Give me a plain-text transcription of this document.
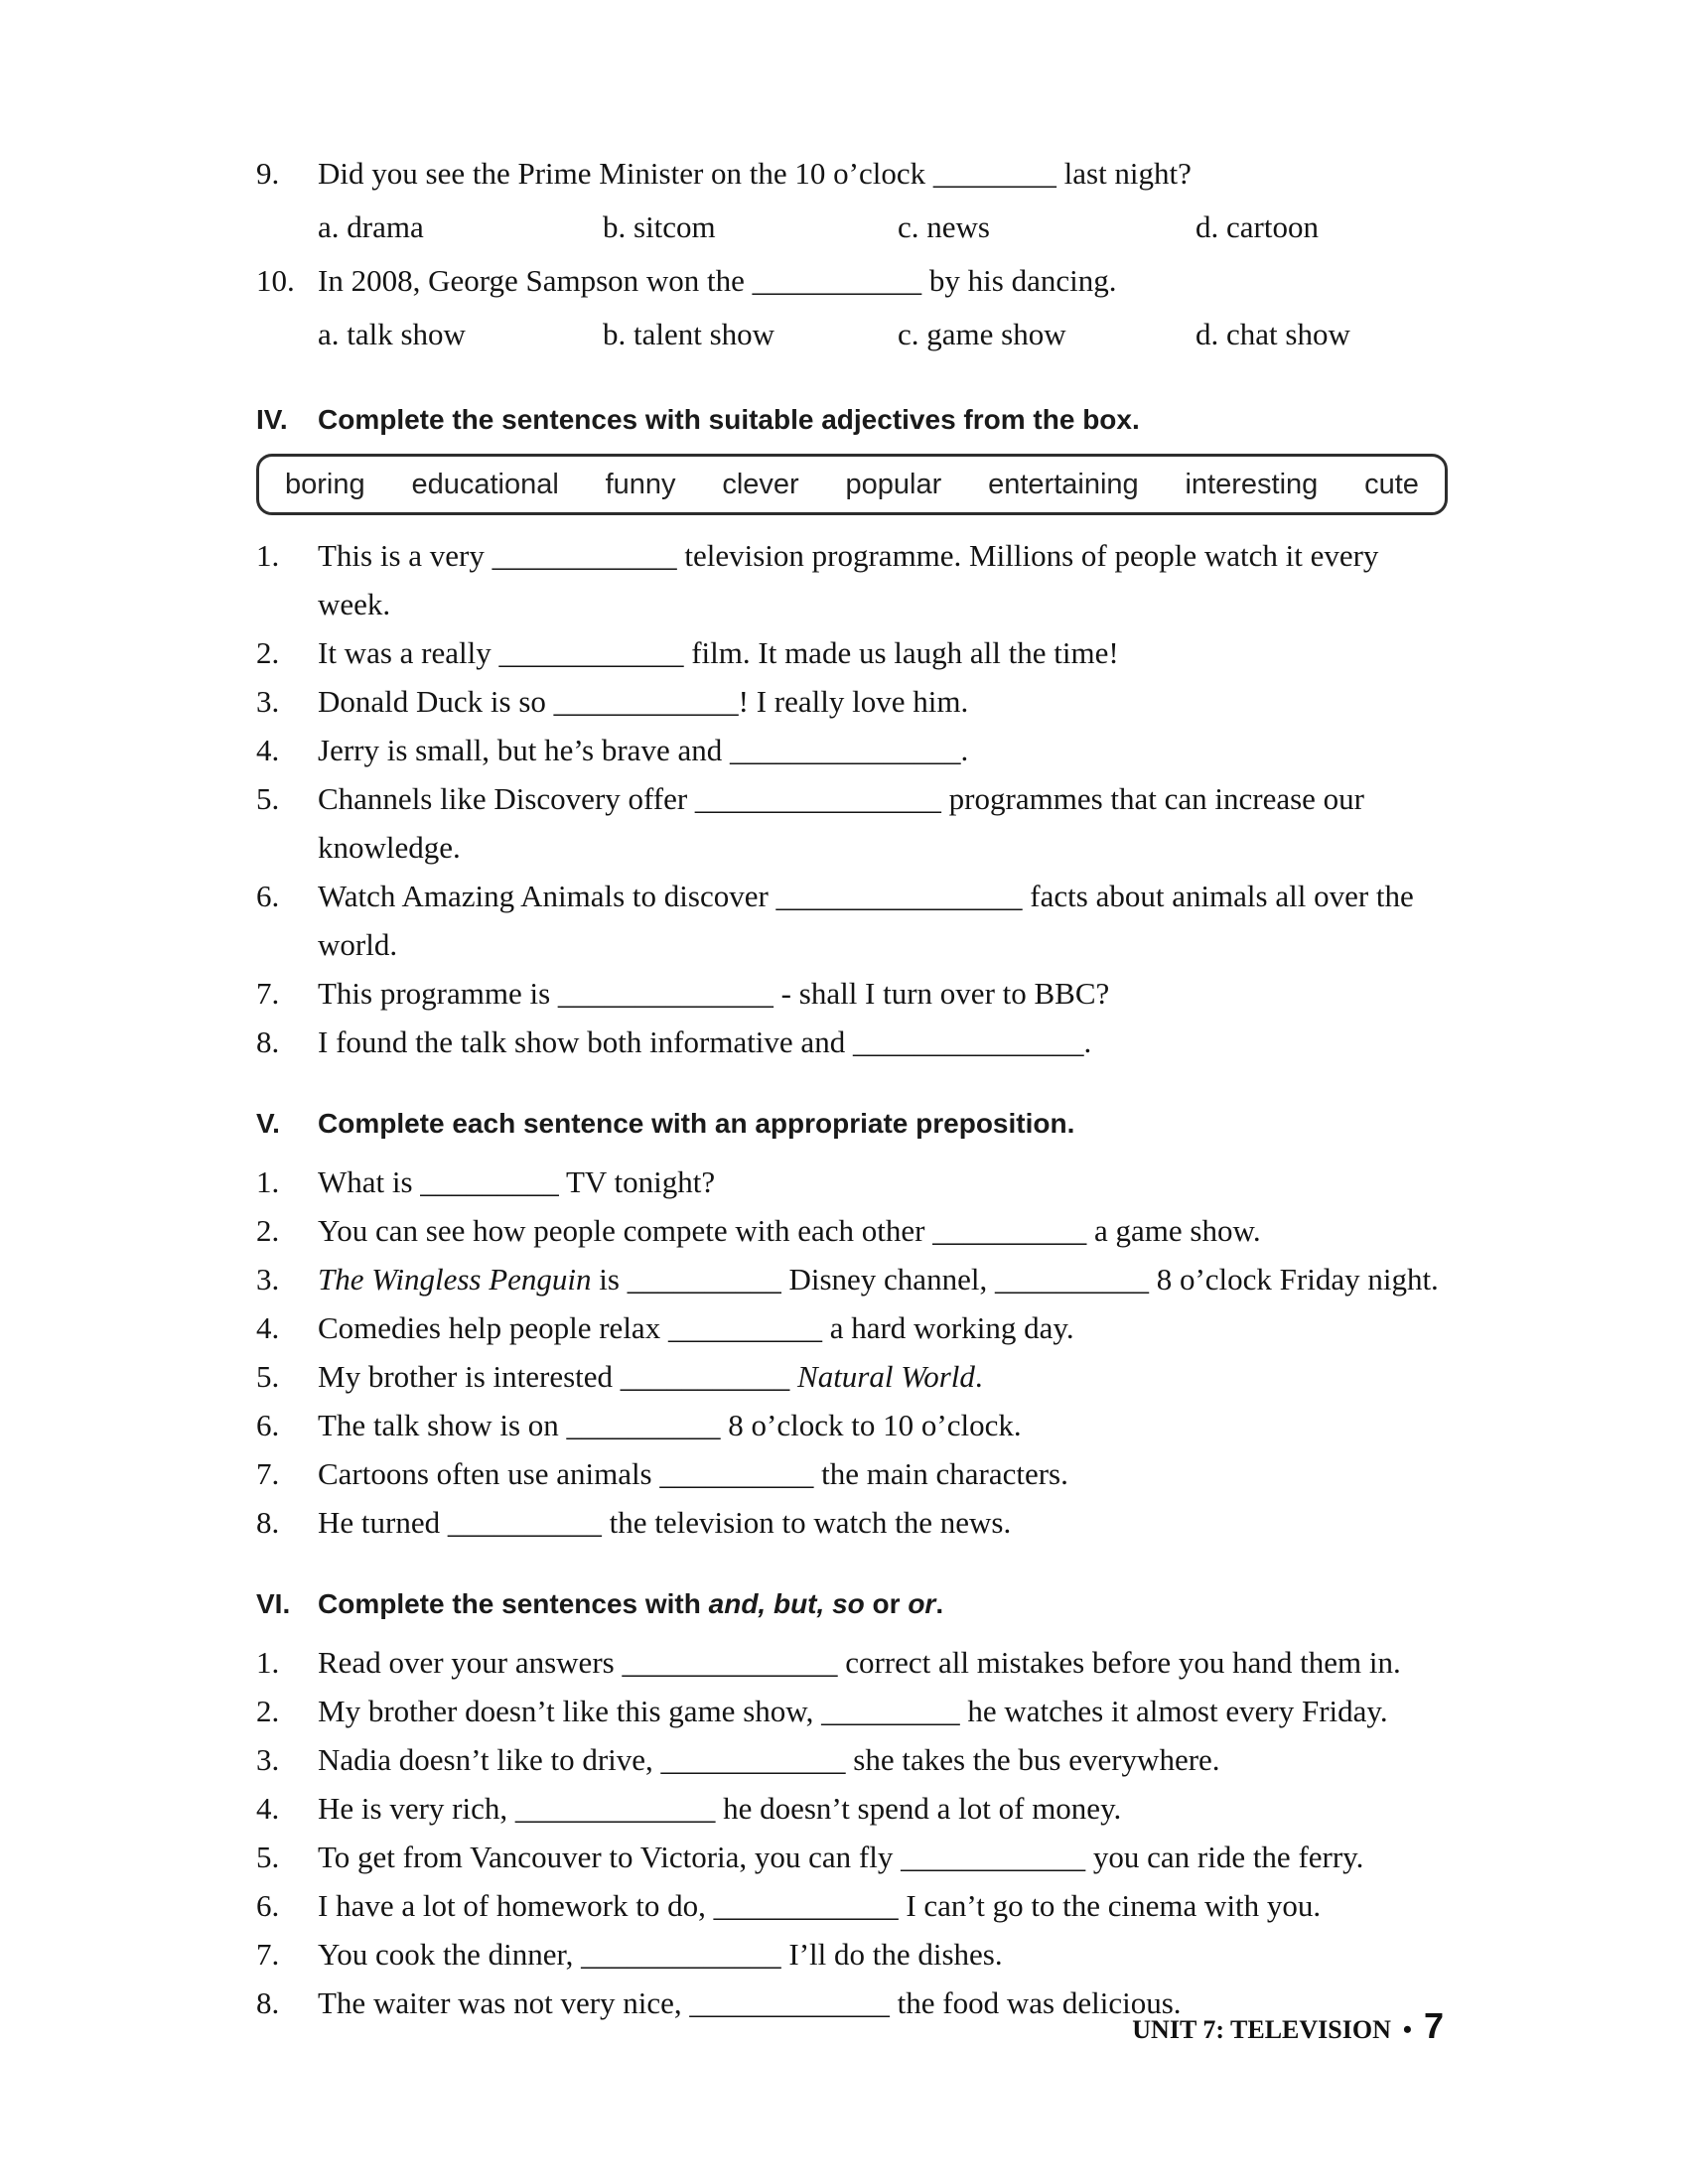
9.	Did you see the Prime Minister on the 10 o’clock ________ last night?
a. drama	b. sitcom	c. news	d. cartoon
10. In 2008, George Sampson won the ___________ by his dancing.
a. talk show	b. talent show	c. game show	d. chat show
IV.	Complete the sentences with suitable adjectives from the box.
boring educational funny clever popular entertaining interesting cute
1.	This is a very ____________ television programme. Millions of people watch it every week.
2.	It was a really ____________ film. It made us laugh all the time!
3.	Donald Duck is so ____________! I really love him.
4.	Jerry is small, but he’s brave and _______________.
5.	Channels like Discovery offer ________________ programmes that can increase our knowledge.
6.	Watch Amazing Animals to discover ________________ facts about animals all over the world.
7.	This programme is ______________ - shall I turn over to BBC?
8.	I found the talk show both informative and _______________.
V.	Complete each sentence with an appropriate preposition.
1.	What is _________ TV tonight?
2.	You can see how people compete with each other __________ a game show.
3.	The Wingless Penguin is __________ Disney channel, __________ 8 o’clock Friday night.
4.	Comedies help people relax __________ a hard working day.
5.	My brother is interested ___________ Natural World.
6.	The talk show is on __________ 8 o’clock to 10 o’clock.
7.	Cartoons often use animals __________ the main characters.
8.	He turned __________ the television to watch the news.
VI. Complete the sentences with and, but, so or or.
1.	Read over your answers ______________ correct all mistakes before you hand them in.
2.	My brother doesn’t like this game show, _________ he watches it almost every Friday.
3.	Nadia doesn’t like to drive, ____________ she takes the bus everywhere.
4.	He is very rich, _____________ he doesn’t spend a lot of money.
5.	To get from Vancouver to Victoria, you can fly ____________ you can ride the ferry.
6.	I have a lot of homework to do, ____________ I can’t go to the cinema with you.
7.	You cook the dinner, _____________ I’ll do the dishes.
8.	The waiter was not very nice, _____________ the food was delicious.
UNIT 7: TELEVISION • 7
